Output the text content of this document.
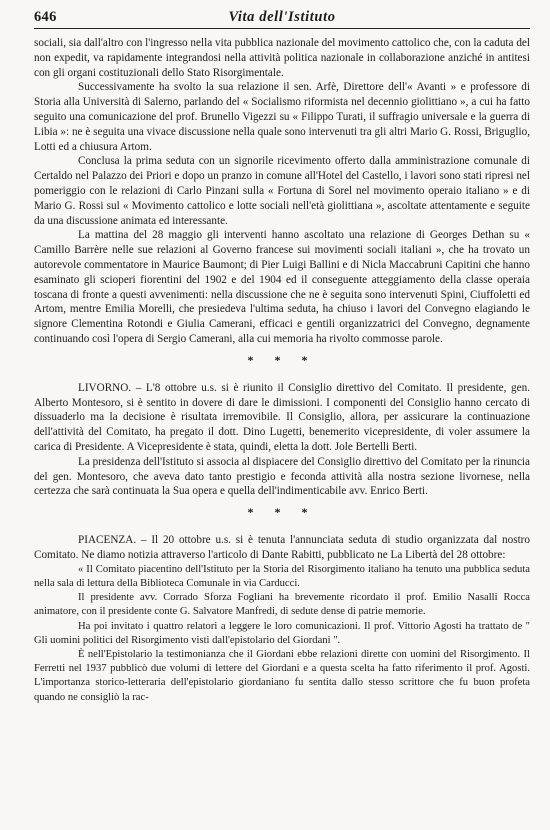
646	Vita dell'Istituto

sociali, sia dall'altro con l'ingresso nella vita pubblica nazionale del movimento cattolico che, con la caduta del non expedit, va rapidamente integrandosi nella attività politica nazionale in collaborazione anziché in antitesi con gli organi costituzionali dello Stato Risorgimentale.

Successivamente ha svolto la sua relazione il sen. Arfè, Direttore dell'« Avanti » e professore di Storia alla Università di Salerno, parlando del « Socialismo riformista nel decennio giolittiano », a cui ha fatto seguito una comunicazione del prof. Brunello Vigezzi su « Filippo Turati, il suffragio universale e la guerra di Libia »: ne è seguita una vivace discussione nella quale sono intervenuti tra gli altri Mario G. Rossi, Briguglio, Lotti ed a chiusura Artom.

Conclusa la prima seduta con un signorile ricevimento offerto dalla amministrazione comunale di Certaldo nel Palazzo dei Priori e dopo un pranzo in comune all'Hotel del Castello, i lavori sono stati ripresi nel pomeriggio con le relazioni di Carlo Pinzani sulla « Fortuna di Sorel nel movimento operaio italiano » e di Mario G. Rossi sul « Movimento cattolico e lotte sociali nell'età giolittiana », ascoltate attentamente e seguite da una discussione animata ed interessante.

La mattina del 28 maggio gli interventi hanno ascoltato una relazione di Georges Dethan su « Camillo Barrère nelle sue relazioni al Governo francese sui movimenti sociali italiani », che ha trovato un autorevole commentatore in Maurice Baumont; di Pier Luigi Ballini e di Nicla Maccabruni Capitini che hanno esaminato gli scioperi fiorentini del 1902 e del 1904 ed il conseguente atteggiamento della classe operaia toscana di fronte a questi avvenimenti: nella discussione che ne è seguita sono intervenuti Spini, Ciuffoletti ed Artom, mentre Emilia Morelli, che presiedeva l'ultima seduta, ha chiuso i lavori del Convegno elagiando le signore Clementina Rotondi e Giulia Camerani, efficaci e gentili organizzatrici del Convegno, degnamente continuando così l'opera di Sergio Camerani, alla cui memoria ha rivolto commosse parole.

* * *

LIVORNO. – L'8 ottobre u.s. si è riunito il Consiglio direttivo del Comitato. Il presidente, gen. Alberto Montesoro, si è sentito in dovere di dare le dimissioni. I componenti del Consiglio hanno cercato di dissuaderlo ma la decisione è risultata irremovibile. Il Consiglio, allora, per assicurare la continuazione dell'attività del Comitato, ha pregato il dott. Dino Lugetti, benemerito vicepresidente, di voler assumere la carica di Presidente. A Vicepresidente è stata, quindi, eletta la dott. Jole Bertelli Berti.

La presidenza dell'Istituto si associa al dispiacere del Consiglio direttivo del Comitato per la rinuncia del gen. Montesoro, che aveva dato tanto prestigio e feconda attività alla nostra sezione livornese, nella certezza che sarà continuata la Sua opera e quella dell'indimenticabile avv. Enrico Berti.

* * *

PIACENZA. – Il 20 ottobre u.s. si è tenuta l'annunciata seduta di studio organizzata dal nostro Comitato. Ne diamo notizia attraverso l'articolo di Dante Rabitti, pubblicato ne La Libertà del 28 ottobre:

« Il Comitato piacentino dell'Istituto per la Storia del Risorgimento italiano ha tenuto una pubblica seduta nella sala di lettura della Biblioteca Comunale in via Carducci.

Il presidente avv. Corrado Sforza Fogliani ha brevemente ricordato il prof. Emilio Nasalli Rocca animatore, con il presidente conte G. Salvatore Manfredi, di sedute dense di patrie memorie.

Ha poi invitato i quattro relatori a leggere le loro comunicazioni. Il prof. Vittorio Agosti ha trattato de " Gli uomini politici del Risorgimento visti dall'epistolario del Giordani ".

È nell'Epistolario la testimonianza che il Giordani ebbe relazioni dirette con uomini del Risorgimento. Il Ferretti nel 1937 pubblicò due volumi di lettere del Giordani e a questa scelta ha fatto riferimento il prof. Agosti. L'importanza storico-letteraria dell'epistolario giordaniano fu sentita dallo stesso scrittore che fu buon profeta quando ne consigliò la rac-
